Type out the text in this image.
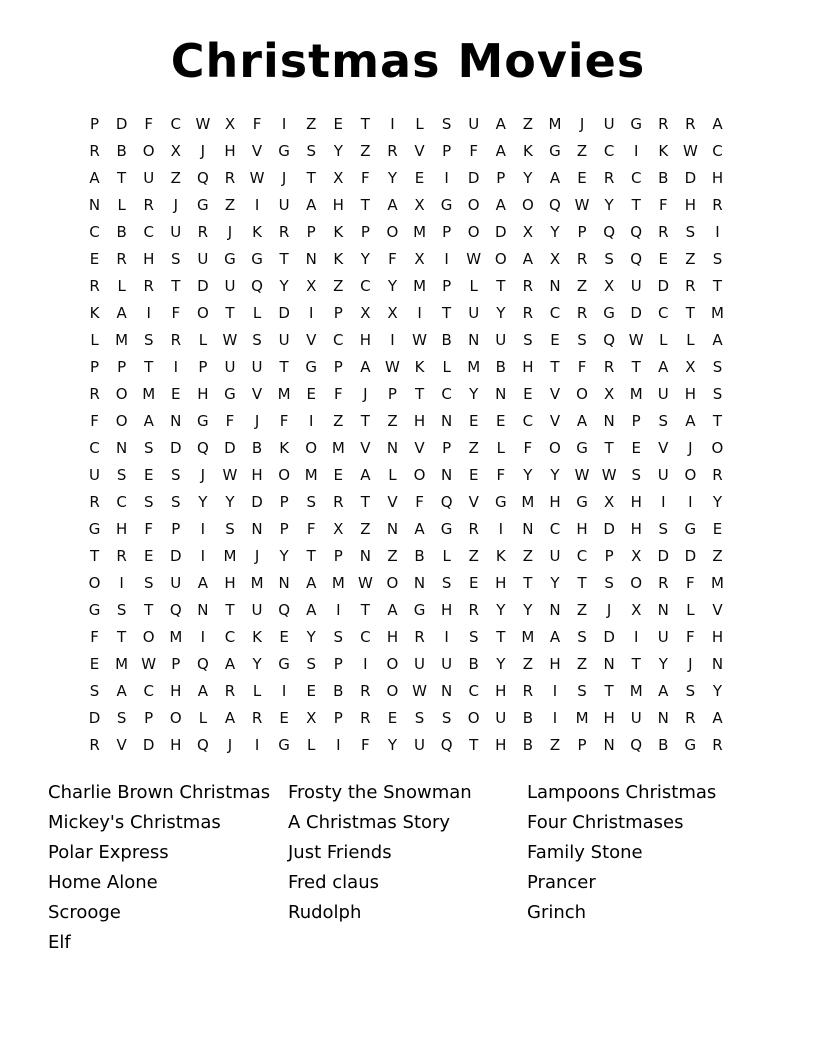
Christmas Movies
P	D	F	C W X	F	I	Z	E	T	I	L	S	U	A	Z	M	J	U	G	R	R	A
R	B	O	X	J	H	V	G	S	Y	Z	R	V	P	F	A	K	G	Z	C	I	K W C
A	T	U	Z	Q	R W	J	T	X	F	Y	E	I	D	P	Y	A	E	R	C	B	D	H
N	L	R	J	G	Z	I	U	A	H	T	A	X	G	O	A	O	Q W	Y	T	F	H	R
C	B	C	U	R	J	K	R	P	K	P	O M	P	O	D	X	Y	P	Q	Q	R	S	I
E	R	H	S	U	G	G	T	N	K	Y	F	X	I	W O	A	X	R	S	Q	E	Z	S
R	L	R	T	D	U	Q	Y	X	Z	C	Y	M	P	L	T	R	N	Z	X	U	D	R	T
K	A	I	F	O	T	L	D	I	P	X	X	I	T	U	Y	R	C	R	G	D	C	T	M
L	M	S	R	L	W S	U	V	C	H	I	W B	N	U	S	E	S	Q W	L	L	A
P	P	T	I	P	U	U	T	G	P	A W K	L	M	B	H	T	F	R	T	A	X	S
R	O M	E	H	G	V	M	E	F	J	P	T	C	Y	N	E	V	O	X	M	U	H	S
F	O	A	N	G	F	J	F	I	Z	T	Z	H	N	E	E	C	V	A	N	P	S	A	T
C	N	S	D	Q	D	B	K	O M	V	N	V	P	Z	L	F	O	G	T	E	V	J	O
U	S	E	S	J	W H	O M	E	A	L	O	N	E	F	Y	Y	W W S	U	O	R
R	C	S	S	Y	Y	D	P	S	R	T	V	F	Q	V	G M H	G	X	H	I	I	Y
G	H	F	P	I	S	N	P	F	X	Z	N	A	G	R	I	N	C	H	D	H	S	G	E
T	R	E	D	I	M	J	Y	T	P	N	Z	B	L	Z	K	Z	U	C	P	X	D	D	Z
O	I	S	U	A	H M N	A	M W O	N	S	E	H	T	Y	T	S	O	R	F	M
G	S	T	Q	N	T	U	Q	A	I	T	A	G	H	R	Y	Y	N	Z	J	X	N	L	V
F	T	O M	I	C	K	E	Y	S	C	H	R	I	S	T	M	A	S	D	I	U	F	H
E	M W	P	Q	A	Y	G	S	P	I	O	U	U	B	Y	Z	H	Z	N	T	Y	J	N
S	A	C	H	A	R	L	I	E	B	R	O W N	C	H	R	I	S	T	M	A	S	Y
D	S	P	O	L	A	R	E	X	P	R	E	S	S	O	U	B	I	M H	U	N	R	A
R	V	D	H	Q	J	I	G	L	I	F	Y	U	Q	T	H	B	Z	P	N	Q	B	G	R
Charlie Brown Christmas
Mickey's Christmas
Polar Express
Home Alone
Scrooge
Elf
Frosty the Snowman
A Christmas Story
Just Friends
Fred claus
Rudolph
Lampoons Christmas
Four Christmases
Family Stone
Prancer
Grinch
